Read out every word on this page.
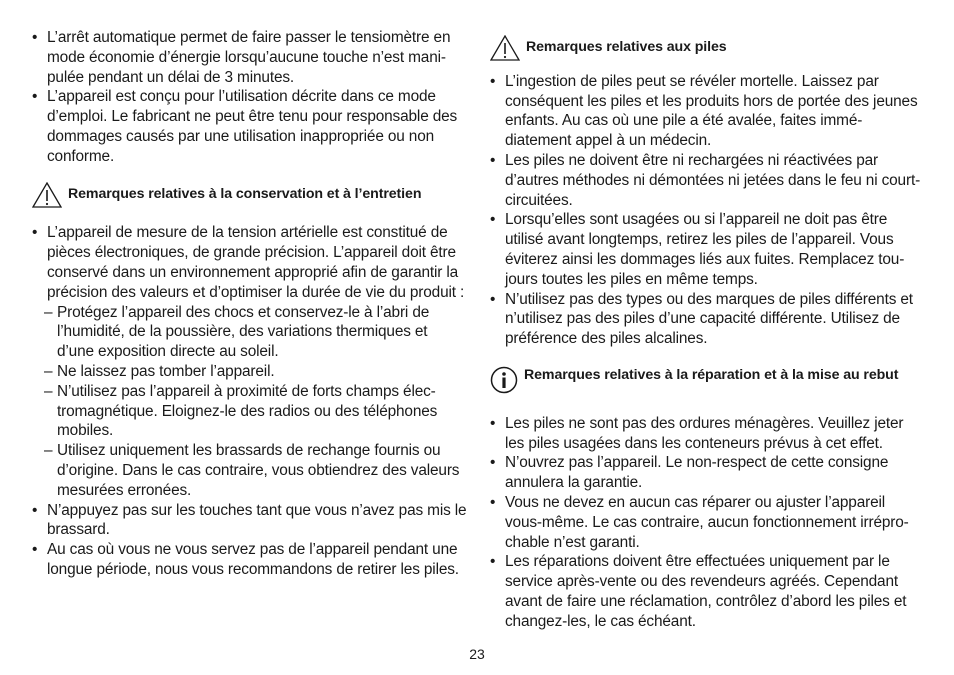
• L’arrêt automatique permet de faire passer le tensiomètre en mode économie d’énergie lorsqu’aucune touche n’est mani-pulée pendant un délai de 3 minutes.
• L’appareil est conçu pour l’utilisation décrite dans ce mode d’emploi. Le fabricant ne peut être tenu pour responsable des dommages causés par une utilisation inappropriée ou non conforme.
Remarques relatives à la conservation et à l’entretien
• L’appareil de mesure de la tension artérielle est constitué de pièces électroniques, de grande précision. L’appareil doit être conservé dans un environnement approprié afin de garantir la précision des valeurs et d’optimiser la durée de vie du produit :
– Protégez l’appareil des chocs et conservez-le à l’abri de l’humidité, de la poussière, des variations thermiques et d’une exposition directe au soleil.
– Ne laissez pas tomber l’appareil.
– N’utilisez pas l’appareil à proximité de forts champs élec-tromagnétique. Eloignez-le des radios ou des téléphones mobiles.
– Utilisez uniquement les brassards de rechange fournis ou d’origine. Dans le cas contraire, vous obtiendrez des valeurs mesurées erronées.
• N’appuyez pas sur les touches tant que vous n’avez pas mis le brassard.
• Au cas où vous ne vous servez pas de l’appareil pendant une longue période, nous vous recommandons de retirer les piles.
Remarques relatives aux piles
• L’ingestion de piles peut se révéler mortelle. Laissez par conséquent les piles et les produits hors de portée des jeunes enfants. Au cas où une pile a été avalée, faites immé-diatement appel à un médecin.
• Les piles ne doivent être ni rechargées ni réactivées par d’autres méthodes ni démontées ni jetées dans le feu ni court-circuitées.
• Lorsqu’elles sont usagées ou si l’appareil ne doit pas être utilisé avant longtemps, retirez les piles de l’appareil. Vous éviterez ainsi les dommages liés aux fuites. Remplacez tou-jours toutes les piles en même temps.
• N’utilisez pas des types ou des marques de piles différents et n’utilisez pas des piles d’une capacité différente. Utilisez de préférence des piles alcalines.
Remarques relatives à la réparation et à la mise au rebut
• Les piles ne sont pas des ordures ménagères. Veuillez jeter les piles usagées dans les conteneurs prévus à cet effet.
• N’ouvrez pas l’appareil. Le non-respect de cette consigne annulera la garantie.
• Vous ne devez en aucun cas réparer ou ajuster l’appareil vous-même. Le cas contraire, aucun fonctionnement irrépro-chable n’est garanti.
• Les réparations doivent être effectuées uniquement par le service après-vente ou des revendeurs agréés. Cependant avant de faire une réclamation, contrôlez d’abord les piles et changez-les, le cas échéant.
23
